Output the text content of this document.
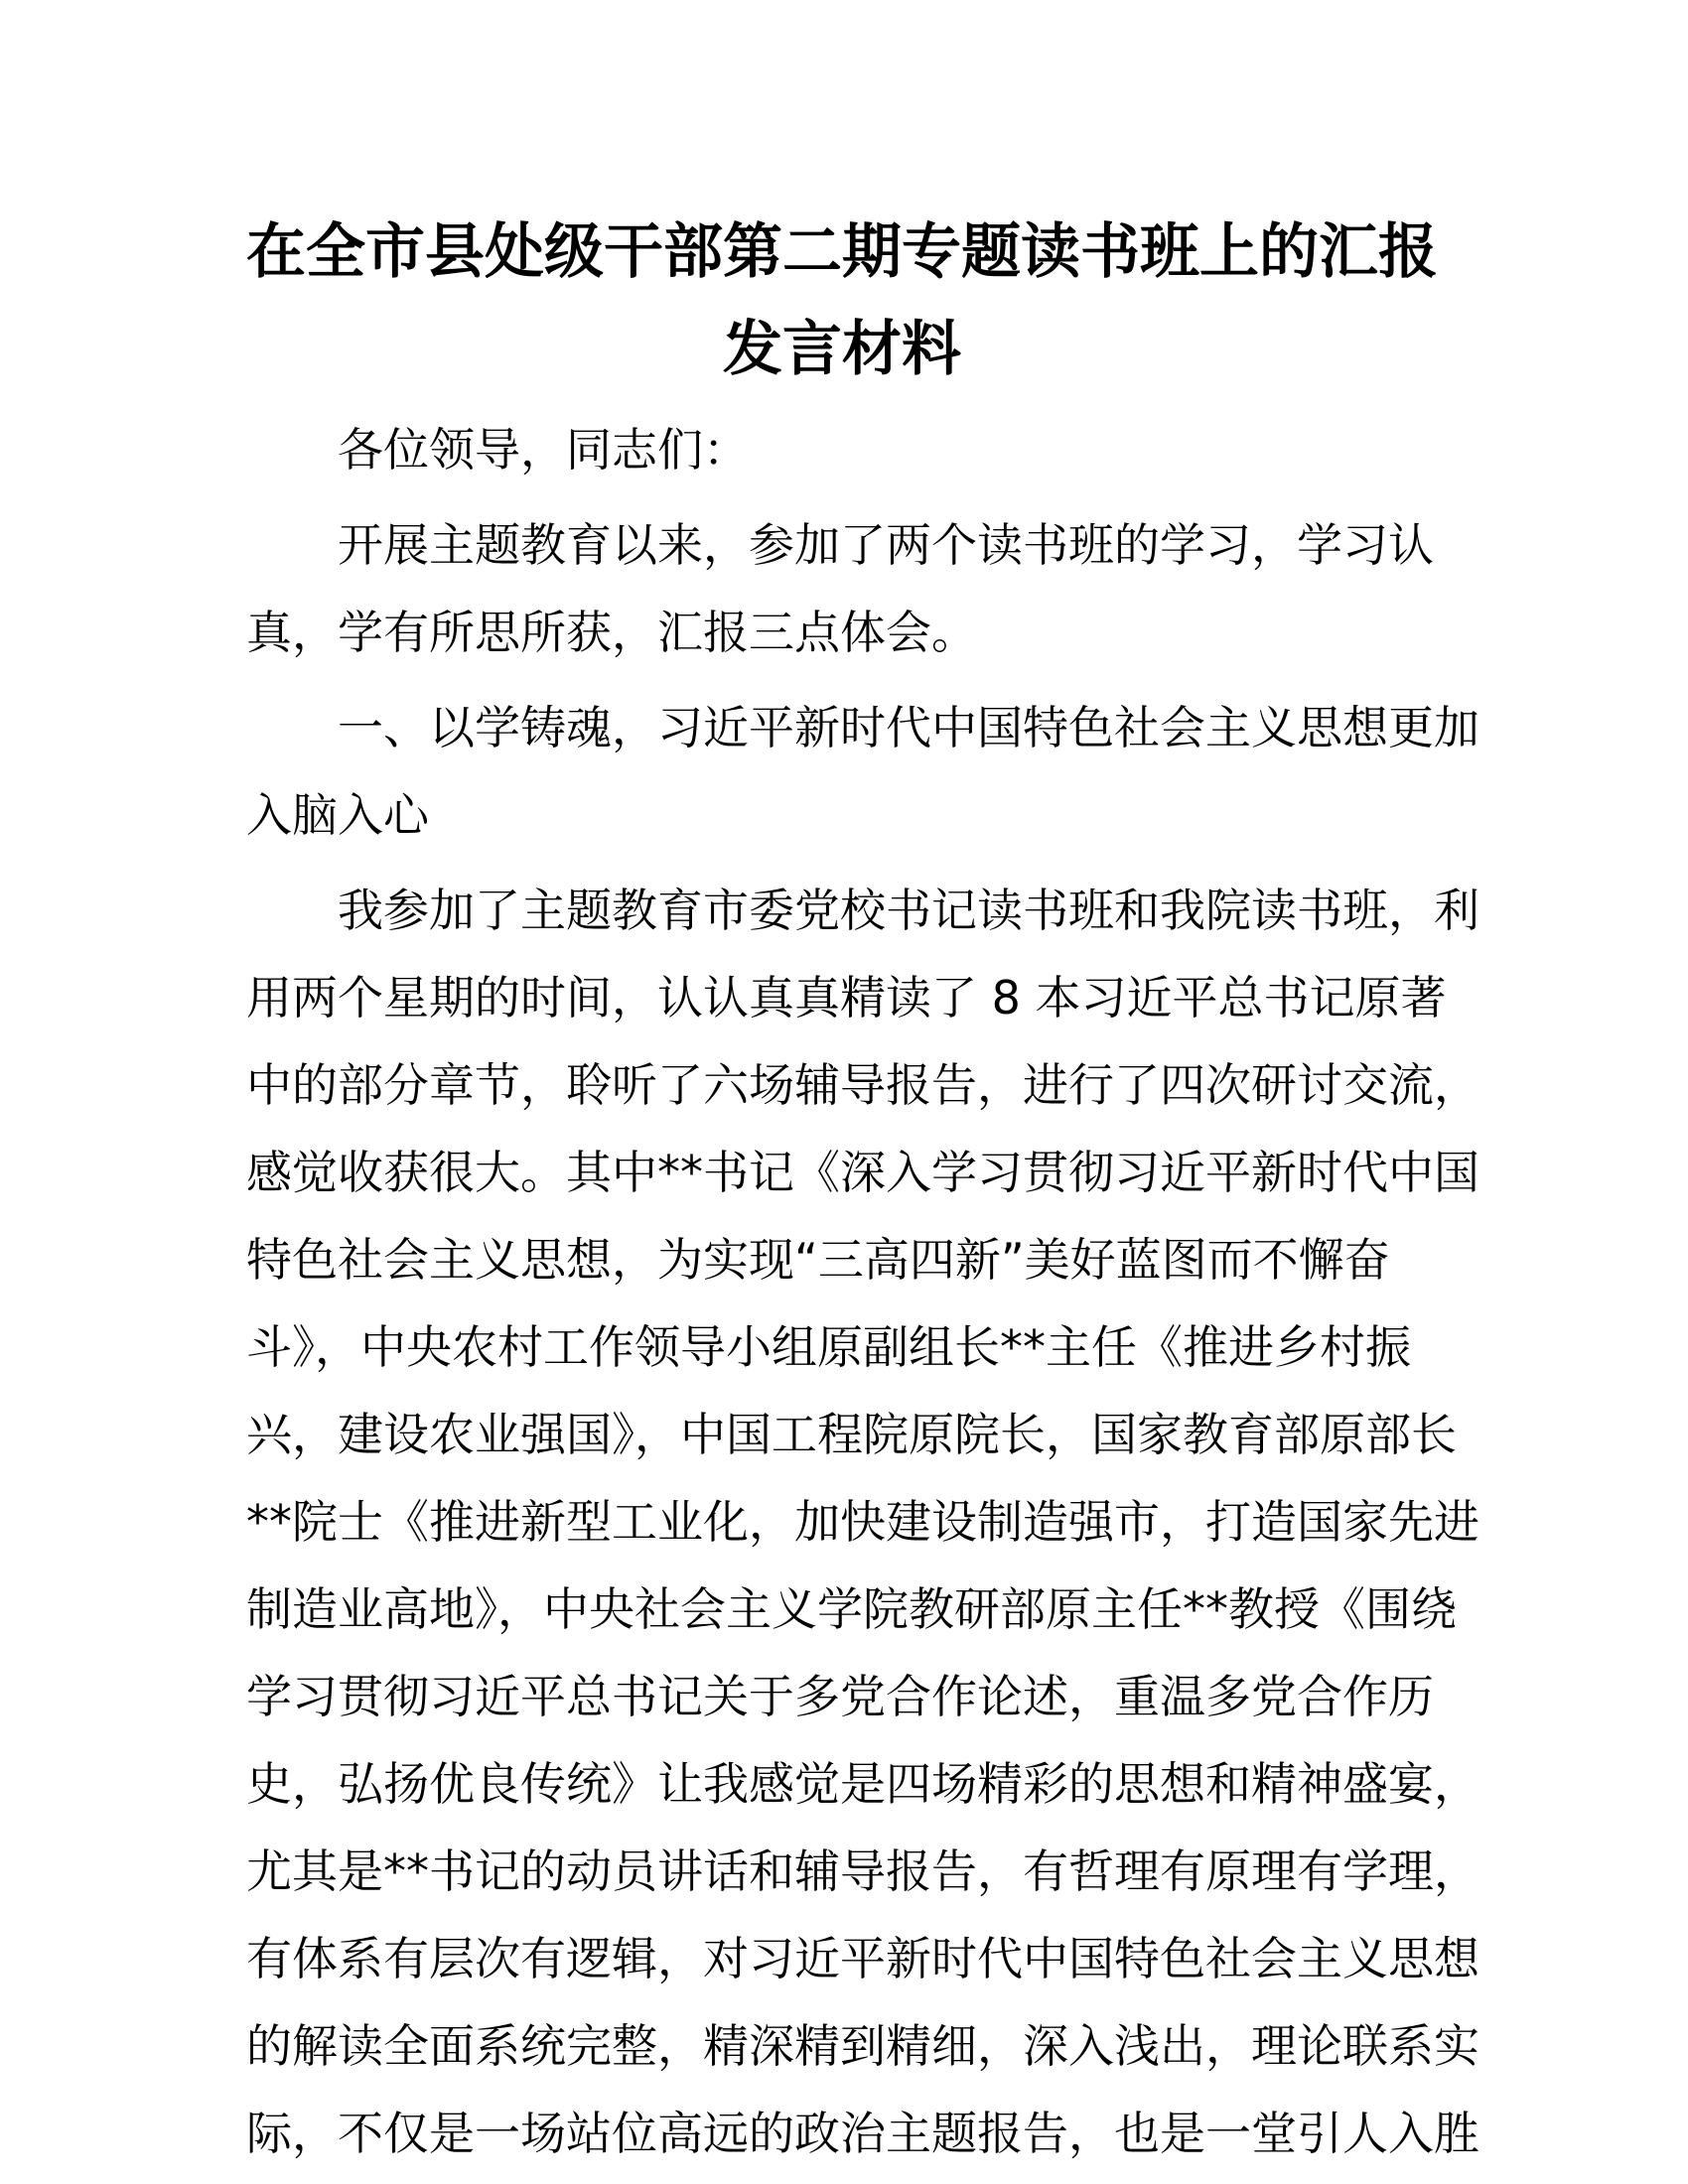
在全市县处级干部第二期专题读书班上的汇报
发言材料
各位领导，同志们：
开展主题教育以来，参加了两个读书班的学习，学习认
真，学有所思所获，汇报三点体会。
一、以学铸魂，习近平新时代中国特色社会主义思想更加
入脑入心
我参加了主题教育市委党校书记读书班和我院读书班，利
用两个星期的时间，认认真真精读了 8 本习近平总书记原著
中的部分章节，聆听了六场辅导报告，进行了四次研讨交流，
感觉收获很大。其中**书记《深入学习贯彻习近平新时代中国
特色社会主义思想，为实现“三高四新”美好蓝图而不懈奋
斗》，中央农村工作领导小组原副组长**主任《推进乡村振
兴，建设农业强国》，中国工程院原院长，国家教育部原部长
**院士《推进新型工业化，加快建设制造强市，打造国家先进
制造业高地》，中央社会主义学院教研部原主任**教授《围绕
学习贯彻习近平总书记关于多党合作论述，重温多党合作历
史，弘扬优良传统》让我感觉是四场精彩的思想和精神盛宴，
尤其是**书记的动员讲话和辅导报告，有哲理有原理有学理，
有体系有层次有逻辑，对习近平新时代中国特色社会主义思想
的解读全面系统完整，精深精到精细，深入浅出，理论联系实
际，不仅是一场站位高远的政治主题报告，也是一堂引人入胜
